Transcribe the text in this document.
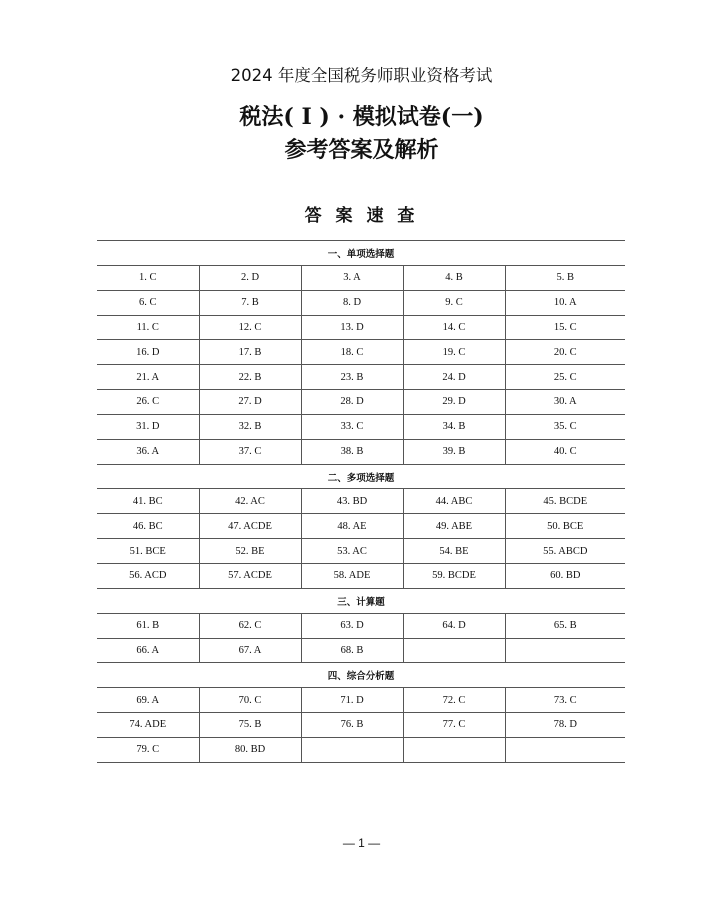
2024 年度全国税务师职业资格考试
税法( Ⅰ ) · 模拟试卷(一)
参考答案及解析
答 案 速 查
一、单项选择题				
1. C	2. D	3. A	4. B	5. B
6. C	7. B	8. D	9. C	10. A
11. C	12. C	13. D	14. C	15. C
16. D	17. B	18. C	19. C	20. C
21. A	22. B	23. B	24. D	25. C
26. C	27. D	28. D	29. D	30. A
31. D	32. B	33. C	34. B	35. C
36. A	37. C	38. B	39. B	40. C
二、多项选择题				
41. BC	42. AC	43. BD	44. ABC	45. BCDE
46. BC	47. ACDE	48. AE	49. ABE	50. BCE
51. BCE	52. BE	53. AC	54. BE	55. ABCD
56. ACD	57. ACDE	58. ADE	59. BCDE	60. BD
三、计算题				
61. B	62. C	63. D	64. D	65. B
66. A	67. A	68. B		
四、综合分析题				
69. A	70. C	71. D	72. C	73. C
74. ADE	75. B	76. B	77. C	78. D
79. C	80. BD			
— 1 —
